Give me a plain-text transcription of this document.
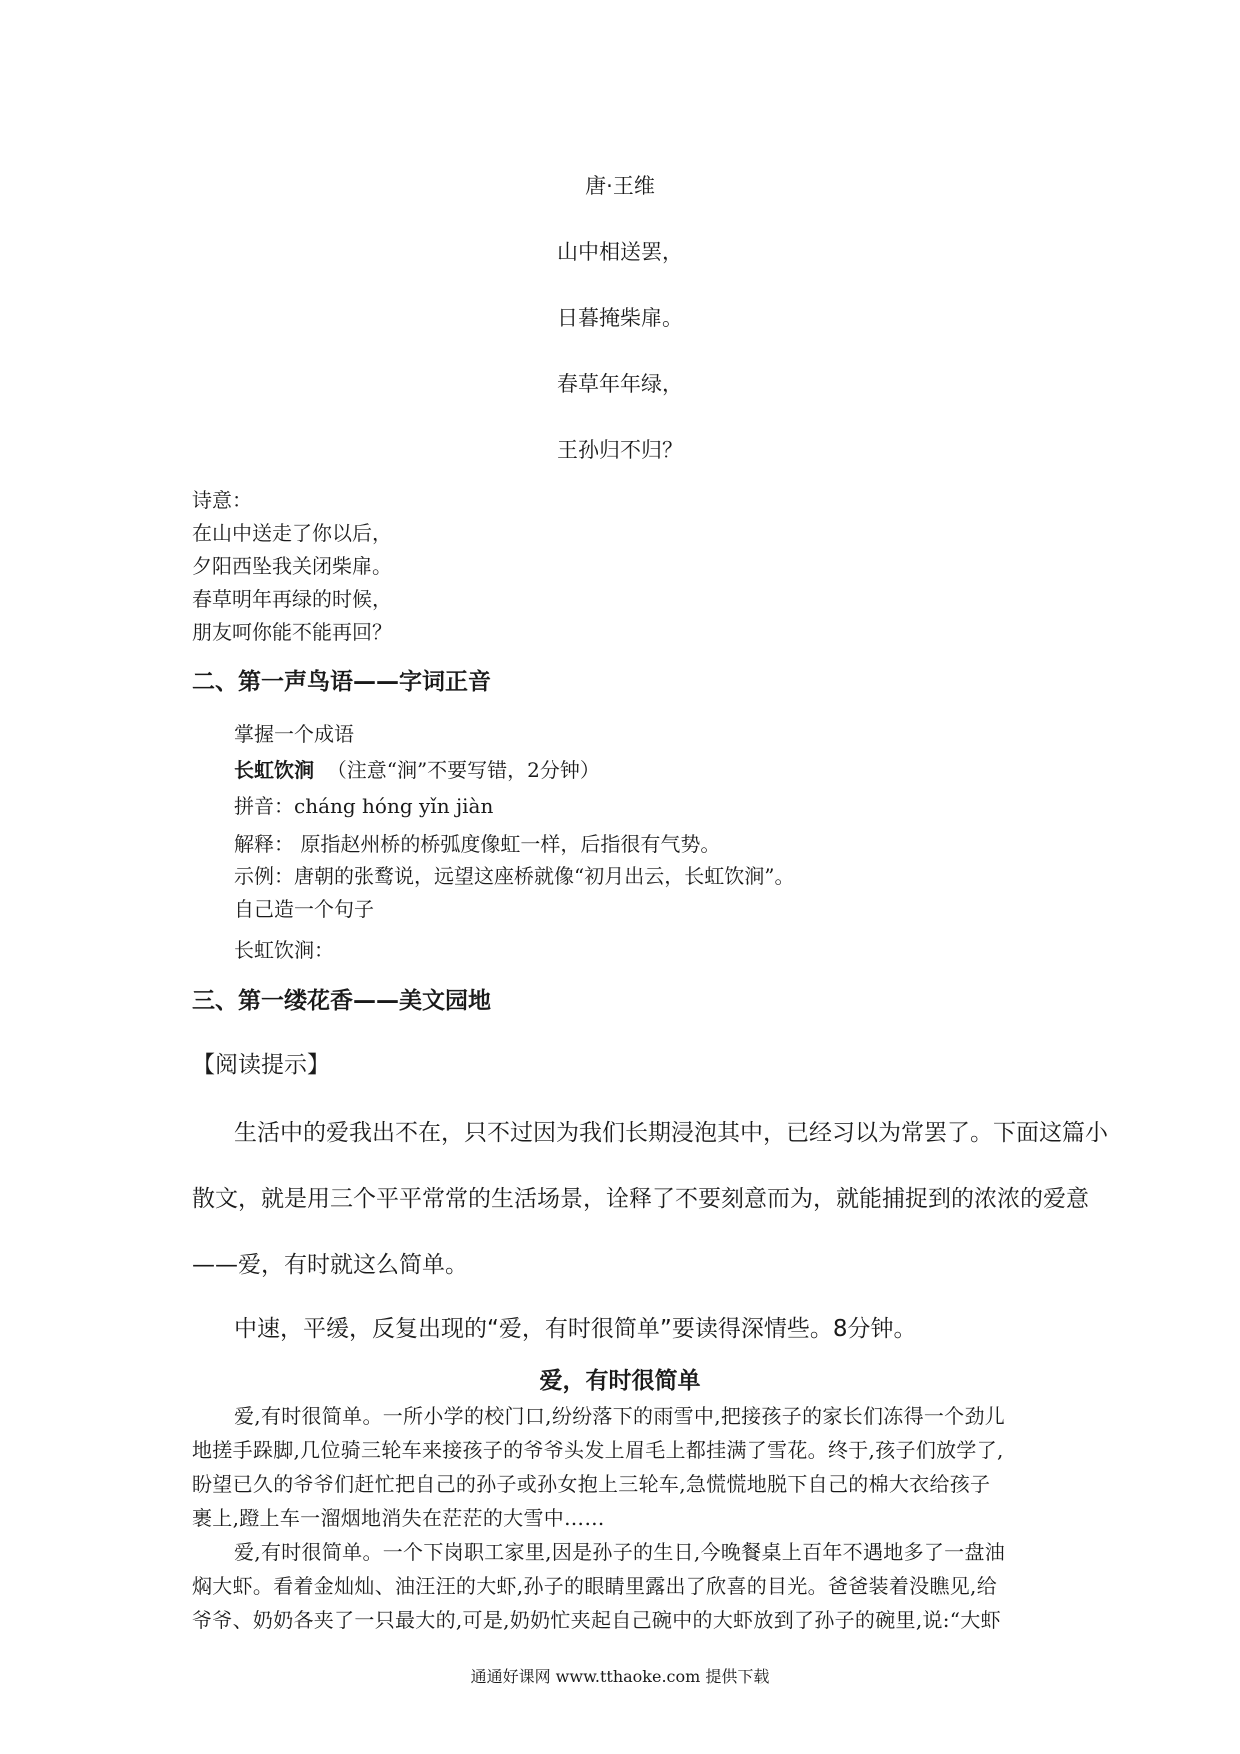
唐·王维
山中相送罢，
日暮掩柴扉。
春草年年绿，
王孙归不归？
诗意：
在山中送走了你以后，
夕阳西坠我关闭柴扉。
春草明年再绿的时候，
朋友呵你能不能再回？
二、第一声鸟语——字词正音
掌握一个成语
长虹饮涧 （注意“涧”不要写错，2分钟）
拼音：cháng hóng yǐn jiàn
解释： 原指赵州桥的桥弧度像虹一样，后指很有气势。
示例：唐朝的张鹜说，远望这座桥就像“初月出云，长虹饮涧”。
自己造一个句子
长虹饮涧：
三、第一缕花香——美文园地
【阅读提示】
生活中的爱我出不在，只不过因为我们长期浸泡其中，已经习以为常罢了。下面这篇小
散文，就是用三个平平常常的生活场景，诠释了不要刻意而为，就能捕捉到的浓浓的爱意
——爱，有时就这么简单。
中速，平缓，反复出现的“爱，有时很简单”要读得深情些。8分钟。
爱，有时很简单
爱,有时很简单。一所小学的校门口,纷纷落下的雨雪中,把接孩子的家长们冻得一个劲儿
地搓手跺脚,几位骑三轮车来接孩子的爷爷头发上眉毛上都挂满了雪花。终于,孩子们放学了,
盼望已久的爷爷们赶忙把自己的孙子或孙女抱上三轮车,急慌慌地脱下自己的棉大衣给孩子
裹上,蹬上车一溜烟地消失在茫茫的大雪中……
爱,有时很简单。一个下岗职工家里,因是孙子的生日,今晚餐桌上百年不遇地多了一盘油
焖大虾。看着金灿灿、油汪汪的大虾,孙子的眼睛里露出了欣喜的目光。爸爸装着没瞧见,给
爷爷、奶奶各夹了一只最大的,可是,奶奶忙夹起自己碗中的大虾放到了孙子的碗里,说:“大虾
通通好课网 www.tthaoke.com 提供下载
